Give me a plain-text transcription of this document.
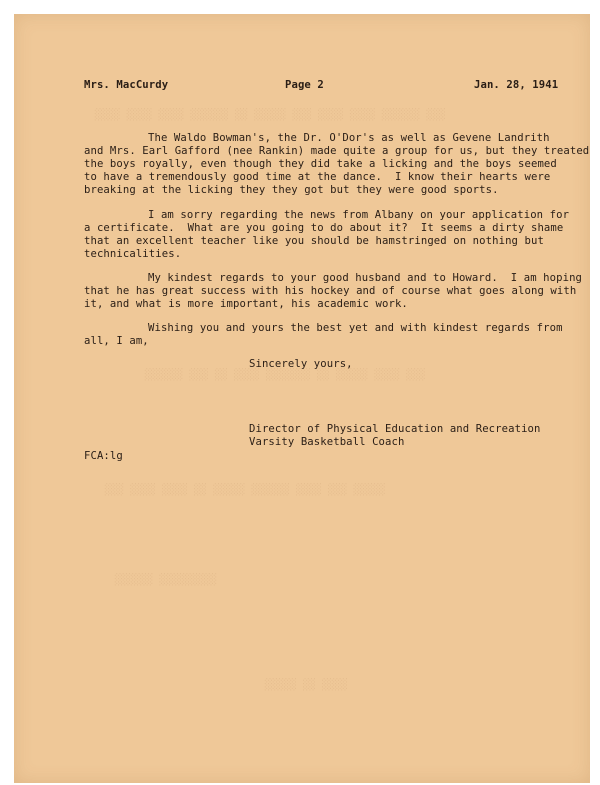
░░░ ░░░░░░ ░░░░ ░░░░ ░░░ ░░░░░ ░░ ░░░░░░ ░░░░ ░░░░ ░░░░
░░░ ░░░░ ░░░░░ ░░ ░░░░░░░ ░░░░ ░░ ░░░ ░░░░░░
░░░░░ ░░░ ░░░░ ░░░░░░ ░░░░░ ░░ ░░░░ ░░░░ ░░░
░░░░░░░░░ ░░░░░░
░░░░ ░░ ░░░░░
Mrs. MacCurdy	Page 2	Jan. 28, 1941
The Waldo Bowman's, the Dr. O'Dor's as well as Gevene Landrith
and Mrs. Earl Gafford (nee Rankin) made quite a group for us, but they treated
the boys royally, even though they did take a licking and the boys seemed
to have a tremendously good time at the dance.  I know their hearts were
breaking at the licking they they got but they were good sports.
I am sorry regarding the news from Albany on your application for
a certificate.  What are you going to do about it?  It seems a dirty shame
that an excellent teacher like you should be hamstringed on nothing but
technicalities.
My kindest regards to your good husband and to Howard.  I am hoping
that he has great success with his hockey and of course what goes along with
it, and what is more important, his academic work.
Wishing you and yours the best yet and with kindest regards from
all, I am,
Sincerely yours,
Director of Physical Education and Recreation
Varsity Basketball Coach
FCA:lg
